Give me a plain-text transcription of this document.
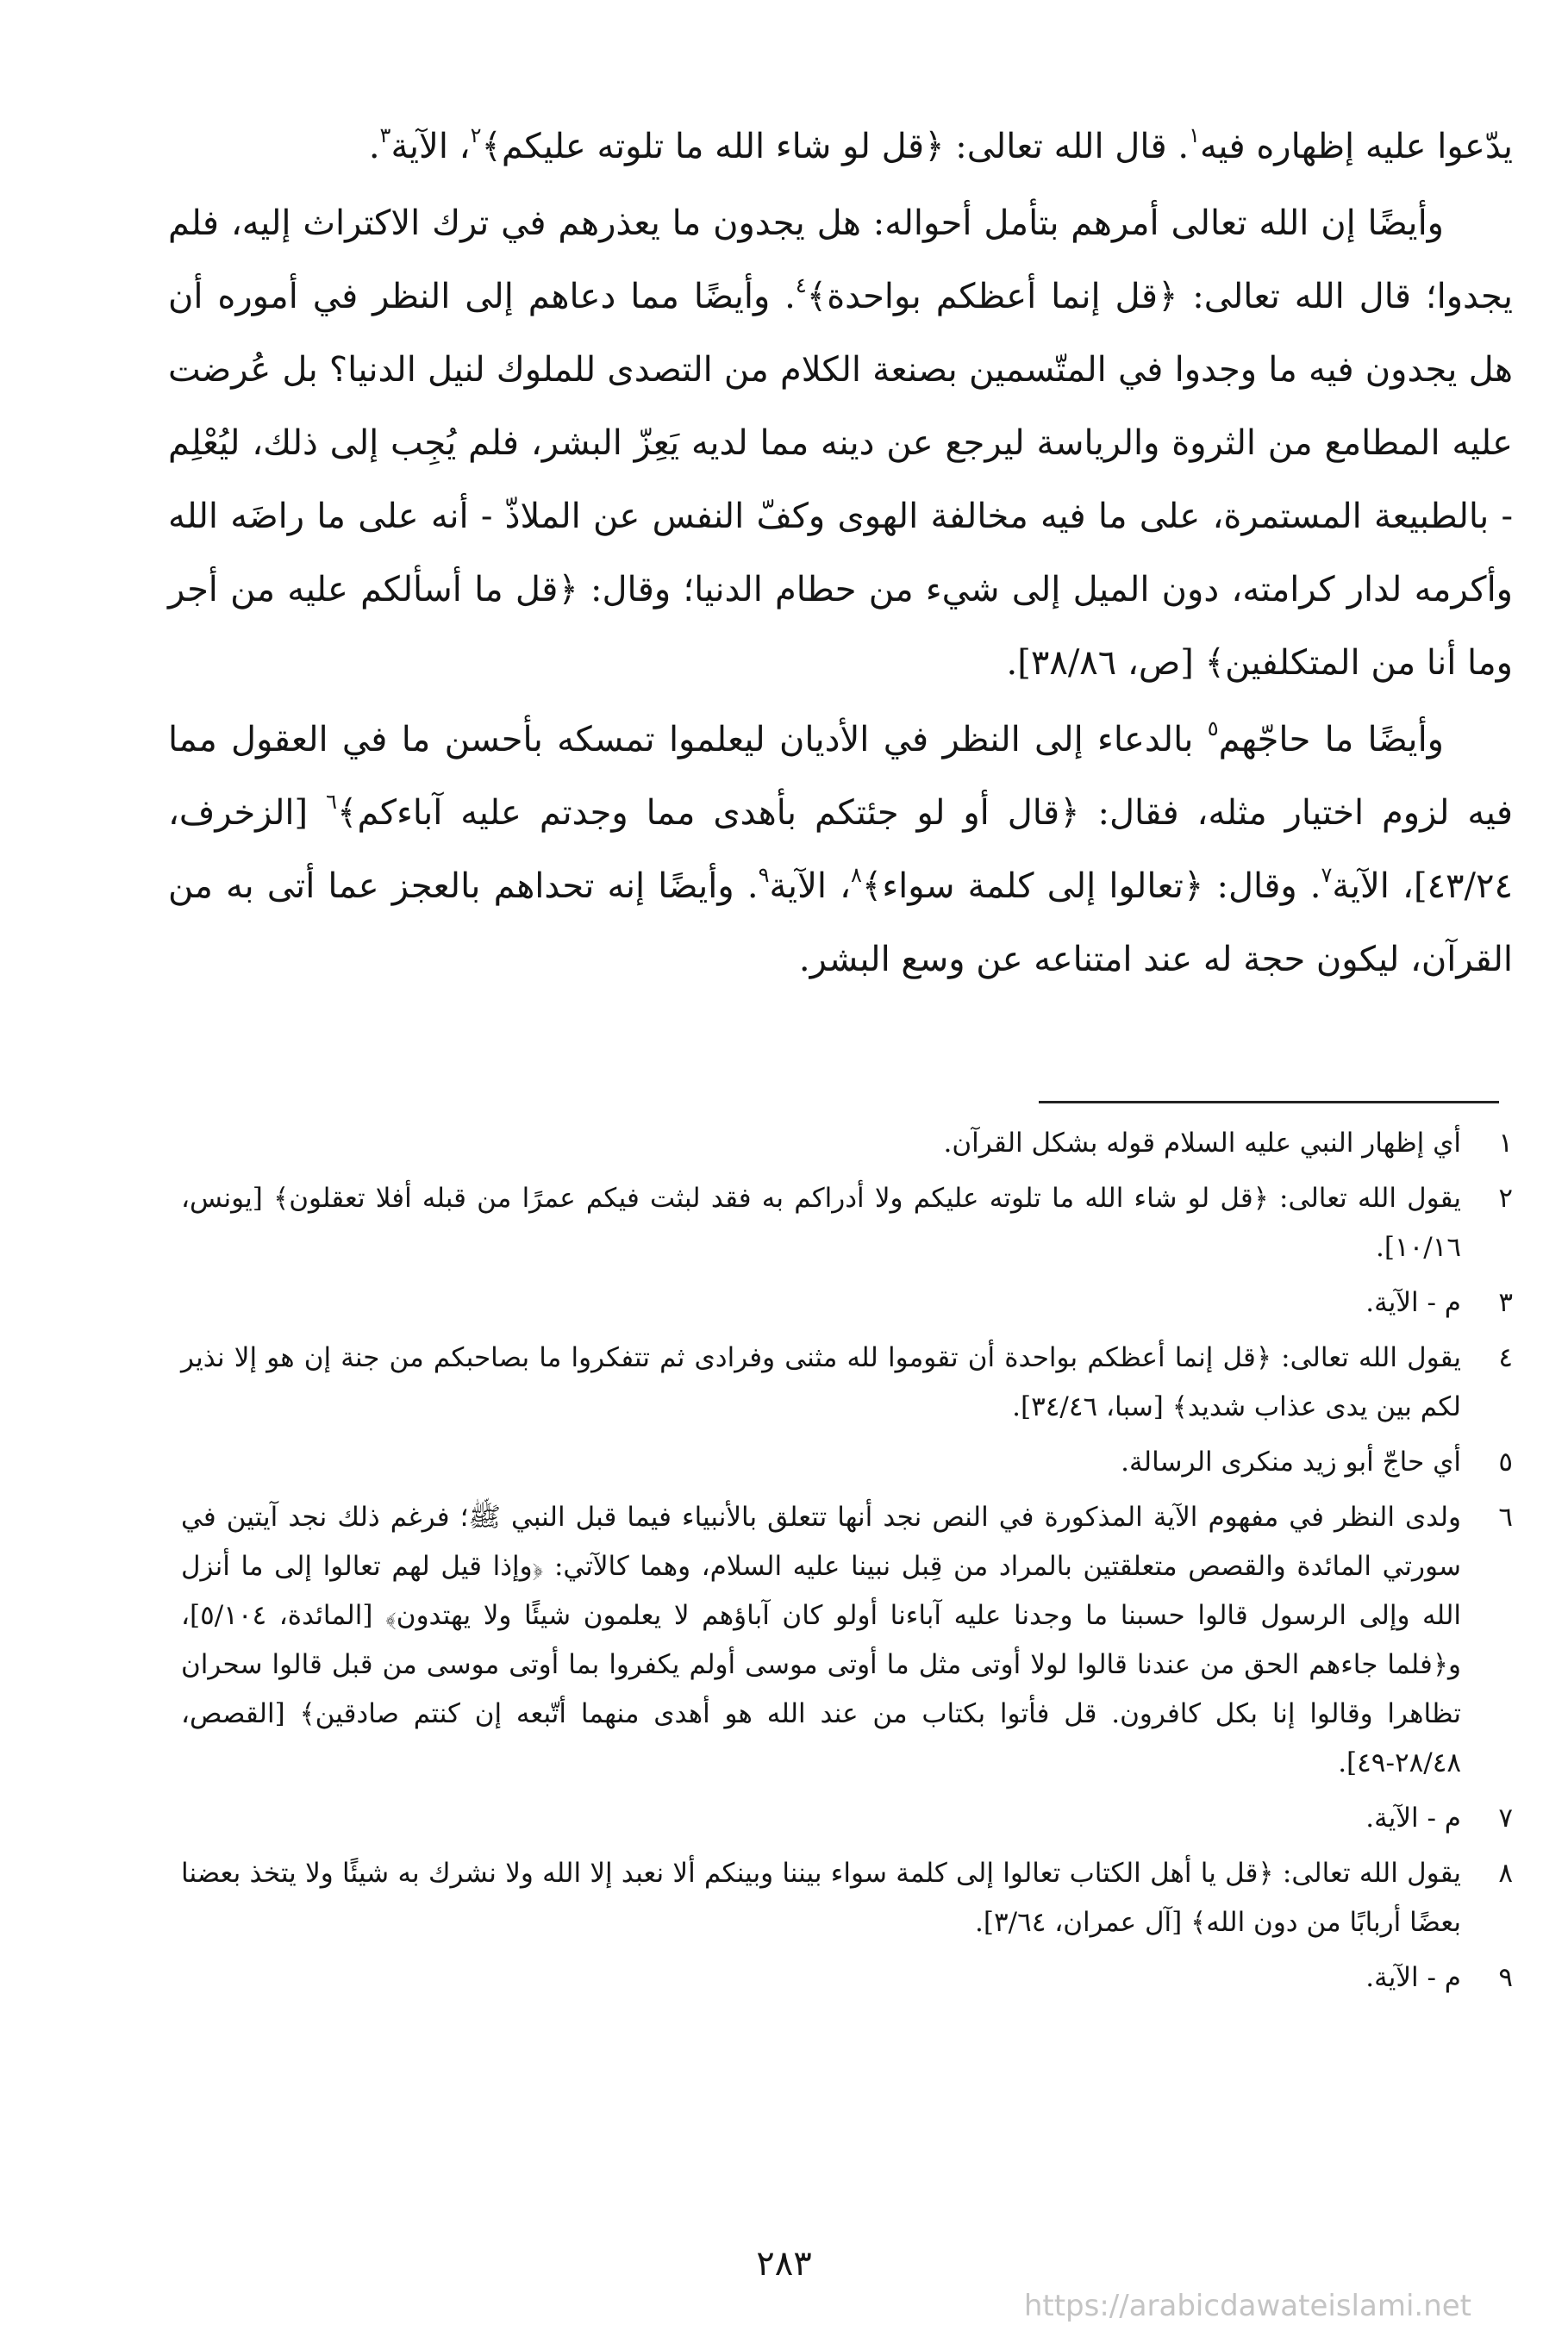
يدّعوا عليه إظهاره فيه$^١$. قال الله تعالى: ﴿قل لو شاء الله ما تلوته عليكم﴾$^٢$، الآية$^٣$.

وأيضًا إن الله تعالى أمرهم بتأمل أحواله: هل يجدون ما يعذرهم في ترك الاكتراث إليه، فلم يجدوا؛ قال الله تعالى: ﴿قل إنما أعظكم بواحدة﴾$^٤$. وأيضًا مما دعاهم إلى النظر في أموره أن هل يجدون فيه ما وجدوا في المتّسمين بصنعة الكلام من التصدى للملوك لنيل الدنيا؟ بل عُرضت عليه المطامع من الثروة والرياسة ليرجع عن دينه مما لديه يَعِزّ البشر، فلم يُجِب إلى ذلك، ليُعْلِم - بالطبيعة المستمرة، على ما فيه مخالفة الهوى وكفّ النفس عن الملاذّ - أنه على ما راضَه الله وأكرمه لدار كرامته، دون الميل إلى شيء من حطام الدنيا؛ وقال: ﴿قل ما أسألكم عليه من أجر وما أنا من المتكلفين﴾ [ص، ٣٨/٨٦].

وأيضًا ما حاجّهم$^٥$ بالدعاء إلى النظر في الأديان ليعلموا تمسكه بأحسن ما في العقول مما فيه لزوم اختيار مثله، فقال: ﴿قال أو لو جئتكم بأهدى مما وجدتم عليه آباءكم﴾$^٦$ [الزخرف، ٤٣/٢٤]، الآية$^٧$. وقال: ﴿تعالوا إلى كلمة سواء﴾$^٨$، الآية$^٩$. وأيضًا إنه تحداهم بالعجز عما أتى به من القرآن، ليكون حجة له عند امتناعه عن وسع البشر.

١
أي إظهار النبي عليه السلام قوله بشكل القرآن.
٢
يقول الله تعالى: ﴿قل لو شاء الله ما تلوته عليكم ولا أدراكم به فقد لبثت فيكم عمرًا من قبله أفلا تعقلون﴾ [يونس، ١٠/١٦].
٣
م - الآية.
٤
يقول الله تعالى: ﴿قل إنما أعظكم بواحدة أن تقوموا لله مثنى وفرادى ثم تتفكروا ما بصاحبكم من جنة إن هو إلا نذير لكم بين يدى عذاب شديد﴾ [سبا، ٣٤/٤٦].
٥
أي حاجّ أبو زيد منكرى الرسالة.
٦
ولدى النظر في مفهوم الآية المذكورة في النص نجد أنها تتعلق بالأنبياء فيما قبل النبي ﷺ؛ فرغم ذلك نجد آيتين في سورتي المائدة والقصص متعلقتين بالمراد من قِبل نبينا عليه السلام، وهما كالآتي: ﴿وإذا قيل لهم تعالوا إلى ما أنزل الله وإلى الرسول قالوا حسبنا ما وجدنا عليه آباءنا أولو كان آباؤهم لا يعلمون شيئًا ولا يهتدون﴾ [المائدة، ٥/١٠٤]، و﴿فلما جاءهم الحق من عندنا قالوا لولا أوتى مثل ما أوتى موسى أولم يكفروا بما أوتى موسى من قبل قالوا سحران تظاهرا وقالوا إنا بكل كافرون. قل فأتوا بكتاب من عند الله هو أهدى منهما أتّبعه إن كنتم صادقين﴾ [القصص، ٢٨/٤٨-٤٩].
٧
م - الآية.
٨
يقول الله تعالى: ﴿قل يا أهل الكتاب تعالوا إلى كلمة سواء بيننا وبينكم ألا نعبد إلا الله ولا نشرك به شيئًا ولا يتخذ بعضنا بعضًا أربابًا من دون الله﴾ [آل عمران، ٣/٦٤].
٩
م - الآية.
٢٨٣
https://arabicdawateislami.net
